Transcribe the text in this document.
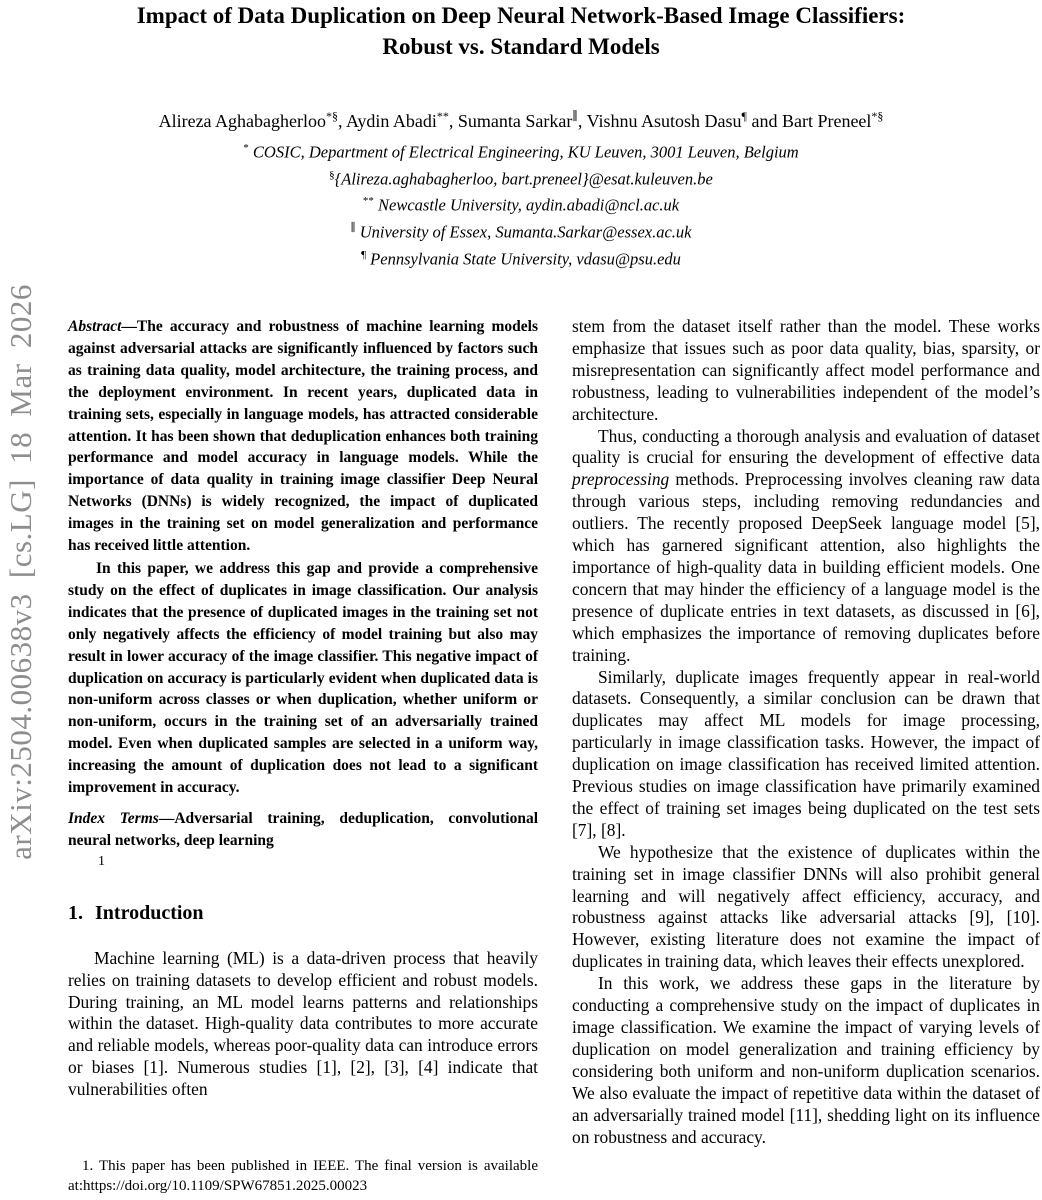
arXiv:2504.00638v3 [cs.LG] 18 Mar 2026
Impact of Data Duplication on Deep Neural Network-Based Image Classifiers:
Robust vs. Standard Models
Alireza Aghabagherloo*§, Aydin Abadi**, Sumanta Sarkar∥, Vishnu Asutosh Dasu¶ and Bart Preneel*§
* COSIC, Department of Electrical Engineering, KU Leuven, 3001 Leuven, Belgium
§{Alireza.aghabagherloo, bart.preneel}@esat.kuleuven.be
** Newcastle University, aydin.abadi@ncl.ac.uk
∥ University of Essex, Sumanta.Sarkar@essex.ac.uk
¶ Pennsylvania State University, vdasu@psu.edu

Abstract—The accuracy and robustness of machine learning models against adversarial attacks are significantly influenced by factors such as training data quality, model architecture, the training process, and the deployment environment. In recent years, duplicated data in training sets, especially in language models, has attracted considerable attention. It has been shown that deduplication enhances both training performance and model accuracy in language models. While the importance of data quality in training image classifier Deep Neural Networks (DNNs) is widely recognized, the impact of duplicated images in the training set on model generalization and performance has received little attention.

In this paper, we address this gap and provide a comprehensive study on the effect of duplicates in image classification. Our analysis indicates that the presence of duplicated images in the training set not only negatively affects the efficiency of model training but also may result in lower accuracy of the image classifier. This negative impact of duplication on accuracy is particularly evident when duplicated data is non-uniform across classes or when duplication, whether uniform or non-uniform, occurs in the training set of an adversarially trained model. Even when duplicated samples are selected in a uniform way, increasing the amount of duplication does not lead to a significant improvement in accuracy.

Index Terms—Adversarial training, deduplication, convolutional neural networks, deep learning

1
1. Introduction

Machine learning (ML) is a data-driven process that heavily relies on training datasets to develop efficient and robust models. During training, an ML model learns patterns and relationships within the dataset. High-quality data contributes to more accurate and reliable models, whereas poor-quality data can introduce errors or biases [1]. Numerous studies [1], [2], [3], [4] indicate that vulnerabilities often

stem from the dataset itself rather than the model. These works emphasize that issues such as poor data quality, bias, sparsity, or misrepresentation can significantly affect model performance and robustness, leading to vulnerabilities independent of the model’s architecture.

Thus, conducting a thorough analysis and evaluation of dataset quality is crucial for ensuring the development of effective data preprocessing methods. Preprocessing involves cleaning raw data through various steps, including removing redundancies and outliers. The recently proposed DeepSeek language model [5], which has garnered significant attention, also highlights the importance of high-quality data in building efficient models. One concern that may hinder the efficiency of a language model is the presence of duplicate entries in text datasets, as discussed in [6], which emphasizes the importance of removing duplicates before training.

Similarly, duplicate images frequently appear in real-world datasets. Consequently, a similar conclusion can be drawn that duplicates may affect ML models for image processing, particularly in image classification tasks. However, the impact of duplication on image classification has received limited attention. Previous studies on image classification have primarily examined the effect of training set images being duplicated on the test sets [7], [8].

We hypothesize that the existence of duplicates within the training set in image classifier DNNs will also prohibit general learning and will negatively affect efficiency, accuracy, and robustness against attacks like adversarial attacks [9], [10]. However, existing literature does not examine the impact of duplicates in training data, which leaves their effects unexplored.

In this work, we address these gaps in the literature by conducting a comprehensive study on the impact of duplicates in image classification. We examine the impact of varying levels of duplication on model generalization and training efficiency by considering both uniform and non-uniform duplication scenarios. We also evaluate the impact of repetitive data within the dataset of an adversarially trained model [11], shedding light on its influence on robustness and accuracy.

1. This paper has been published in IEEE. The final version is available at:https://doi.org/10.1109/SPW67851.2025.00023
